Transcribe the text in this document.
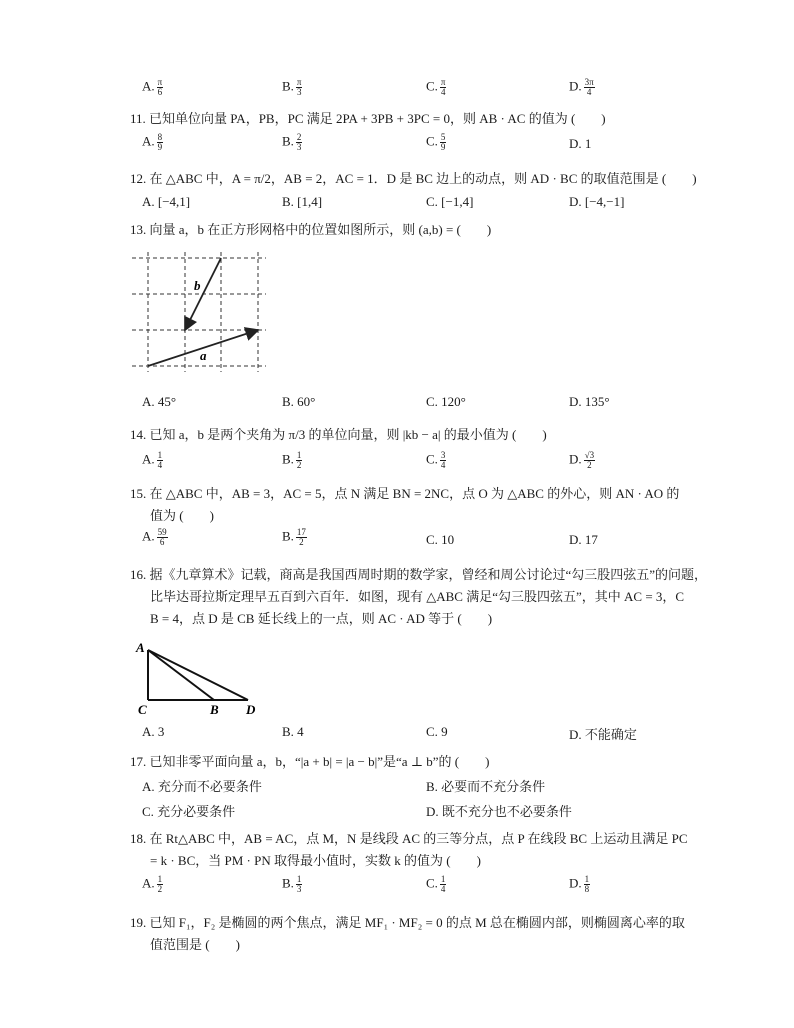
A. $\frac{\pi}{6}$	B. $\frac{\pi}{3}$	C. $\frac{\pi}{4}$	D. $\frac{3\pi}{4}$
11. 已知单位向量 PA，PB，PC 满足 2PA + 3PB + 3PC = 0，则 AB · AC 的值为 (　　)
A. $\frac{8}{9}$	B. $\frac{2}{3}$	C. $\frac{5}{9}$	D. 1
12. 在 △ABC 中，A = π/2，AB = 2，AC = 1．D 是 BC 边上的动点，则 AD · BC 的取值范围是 (　　)
A. [−4,1]	B. [1,4]	C. [−1,4]	D. [−4,−1]
13. 向量 a，b 在正方形网格中的位置如图所示，则 (a,b) = (　　)
b
a
A. 45°	B. 60°	C. 120°	D. 135°
14. 已知 a，b 是两个夹角为 π/3 的单位向量，则 |kb − a| 的最小值为 (　　)
A. $\frac{1}{4}$	B. $\frac{1}{2}$	C. $\frac{3}{4}$	D. $\frac{√3}{2}$
15. 在 △ABC 中，AB = 3，AC = 5，点 N 满足 BN = 2NC，点 O 为 △ABC 的外心，则 AN · AO 的
值为 (　　)
A. $\frac{59}{6}$	B. $\frac{17}{2}$	C. 10	D. 17
16. 据《九章算术》记载，商高是我国西周时期的数学家，曾经和周公讨论过“勾三股四弦五”的问题，
比毕达哥拉斯定理早五百到六百年．如图，现有 △ABC 满足“勾三股四弦五”，其中 AC = 3，C
B = 4，点 D 是 CB 延长线上的一点，则 AC · AD 等于 (　　)
A
C	B D
A. 3	B. 4	C. 9	D. 不能确定
17. 已知非零平面向量 a，b，“|a + b| = |a − b|”是“a ⊥ b”的 (　　)
A. 充分而不必要条件	B. 必要而不充分条件
C. 充分必要条件	D. 既不充分也不必要条件
18. 在 Rt△ABC 中，AB = AC，点 M，N 是线段 AC 的三等分点，点 P 在线段 BC 上运动且满足 PC
= k · BC，当 PM · PN 取得最小值时，实数 k 的值为 (　　)
A. $\frac{1}{2}$	B. $\frac{1}{3}$	C. $\frac{1}{4}$	D. $\frac{1}{8}$
19. 已知 F₁，F₂ 是椭圆的两个焦点，满足 MF₁ · MF₂ = 0 的点 M 总在椭圆内部，则椭圆离心率的取
值范围是 (　　)
